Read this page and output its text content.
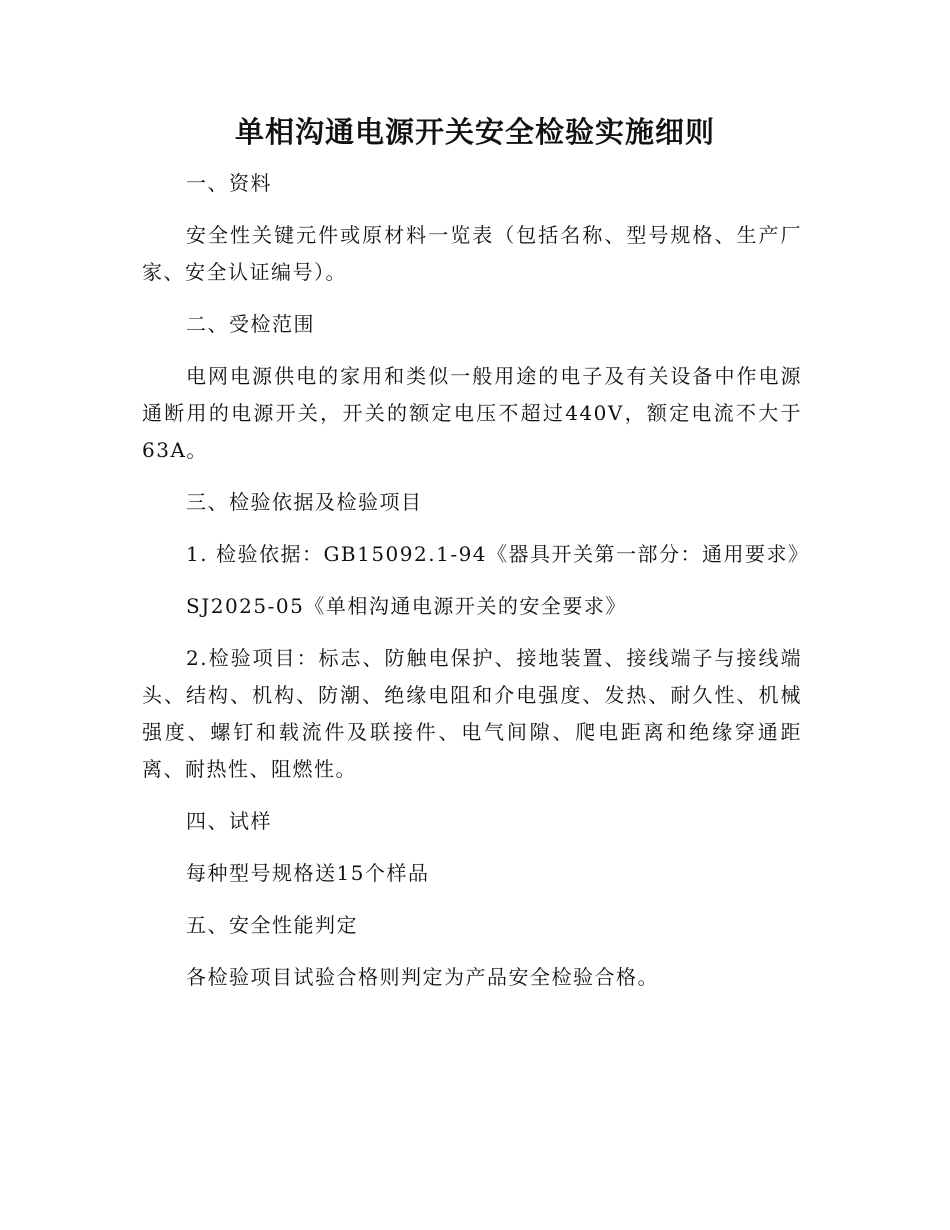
单相沟通电源开关安全检验实施细则

一、资料

安全性关键元件或原材料一览表（包括名称、型号规格、生产厂家、安全认证编号）。

二、受检范围

电网电源供电的家用和类似一般用途的电子及有关设备中作电源通断用的电源开关，开关的额定电压不超过440V，额定电流不大于63A。

三、检验依据及检验项目

1. 检验依据：GB15092.1-94《器具开关第一部分：通用要求》

SJ2025-05《单相沟通电源开关的安全要求》

2.检验项目：标志、防触电保护、接地装置、接线端子与接线端头、结构、机构、防潮、绝缘电阻和介电强度、发热、耐久性、机械强度、螺钉和载流件及联接件、电气间隙、爬电距离和绝缘穿通距离、耐热性、阻燃性。

四、试样

每种型号规格送15个样品

五、安全性能判定

各检验项目试验合格则判定为产品安全检验合格。
